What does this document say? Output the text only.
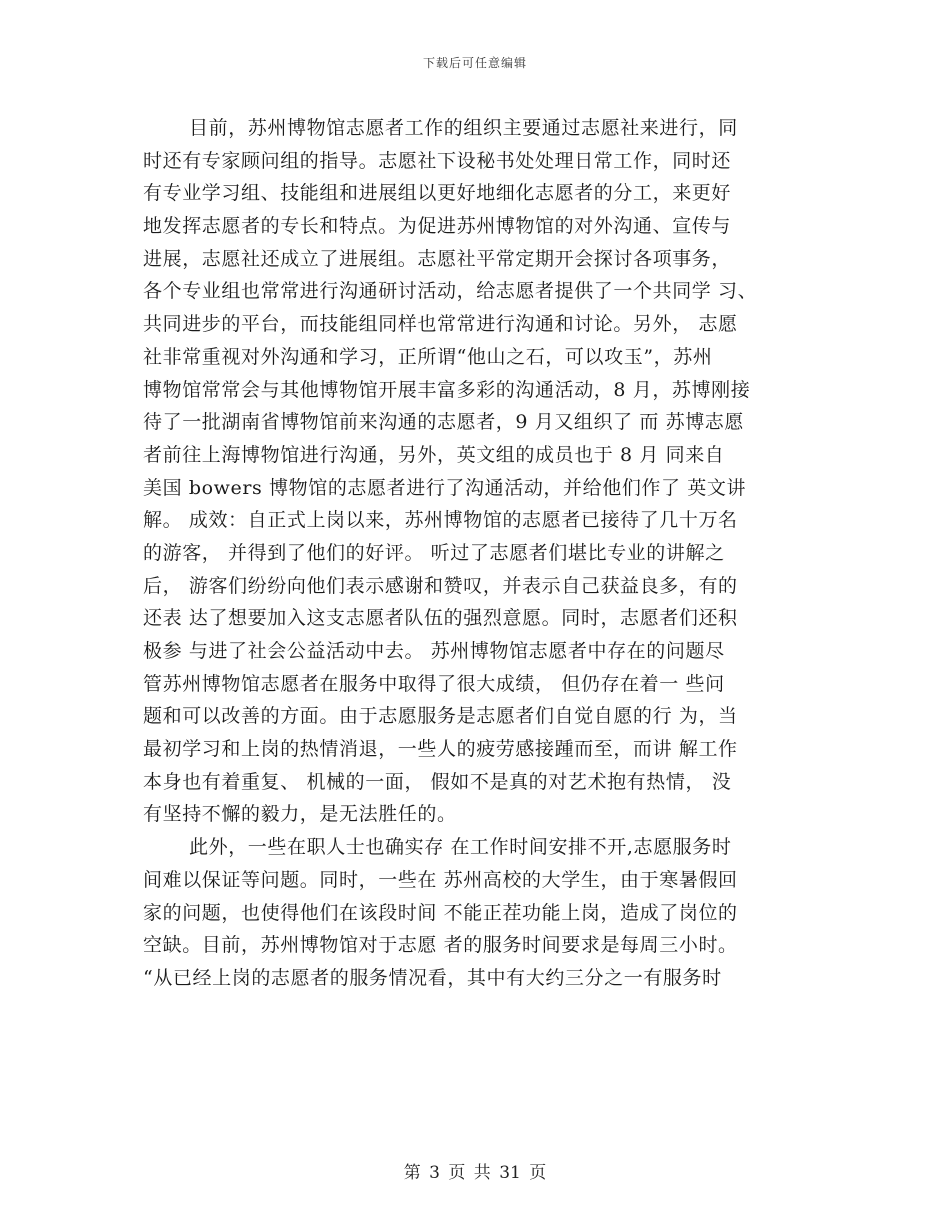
下载后可任意编辑
目前，苏州博物馆志愿者工作的组织主要通过志愿社来进行，同
时还有专家顾问组的指导。志愿社下设秘书处处理日常工作，同时还
有专业学习组、技能组和进展组以更好地细化志愿者的分工，来更好
地发挥志愿者的专长和特点。为促进苏州博物馆的对外沟通、宣传与
进展，志愿社还成立了进展组。志愿社平常定期开会探讨各项事务，
各个专业组也常常进行沟通研讨活动，给志愿者提供了一个共同学 习、
共同进步的平台，而技能组同样也常常进行沟通和讨论。另外， 志愿
社非常重视对外沟通和学习，正所谓“他山之石，可以攻玉”，苏州
博物馆常常会与其他博物馆开展丰富多彩的沟通活动，8 月，苏博刚接
待了一批湖南省博物馆前来沟通的志愿者，9 月又组织了 而 苏博志愿
者前往上海博物馆进行沟通，另外，英文组的成员也于 8 月 同来自
美国 bowers 博物馆的志愿者进行了沟通活动，并给他们作了 英文讲
解。 成效：自正式上岗以来，苏州博物馆的志愿者已接待了几十万名
的游客， 并得到了他们的好评。 听过了志愿者们堪比专业的讲解之
后， 游客们纷纷向他们表示感谢和赞叹，并表示自己获益良多，有的
还表 达了想要加入这支志愿者队伍的强烈意愿。同时，志愿者们还积
极参 与进了社会公益活动中去。 苏州博物馆志愿者中存在的问题尽
管苏州博物馆志愿者在服务中取得了很大成绩， 但仍存在着一 些问
题和可以改善的方面。由于志愿服务是志愿者们自觉自愿的行 为，当
最初学习和上岗的热情消退，一些人的疲劳感接踵而至，而讲 解工作
本身也有着重复、 机械的一面， 假如不是真的对艺术抱有热情， 没
有坚持不懈的毅力，是无法胜任的。
此外，一些在职人士也确实存 在工作时间安排不开,志愿服务时
间难以保证等问题。同时，一些在 苏州高校的大学生，由于寒暑假回
家的问题，也使得他们在该段时间 不能正茬功能上岗，造成了岗位的
空缺。目前，苏州博物馆对于志愿 者的服务时间要求是每周三小时。
“从已经上岗的志愿者的服务情况看，其中有大约三分之一有服务时
第 3 页 共 31 页
